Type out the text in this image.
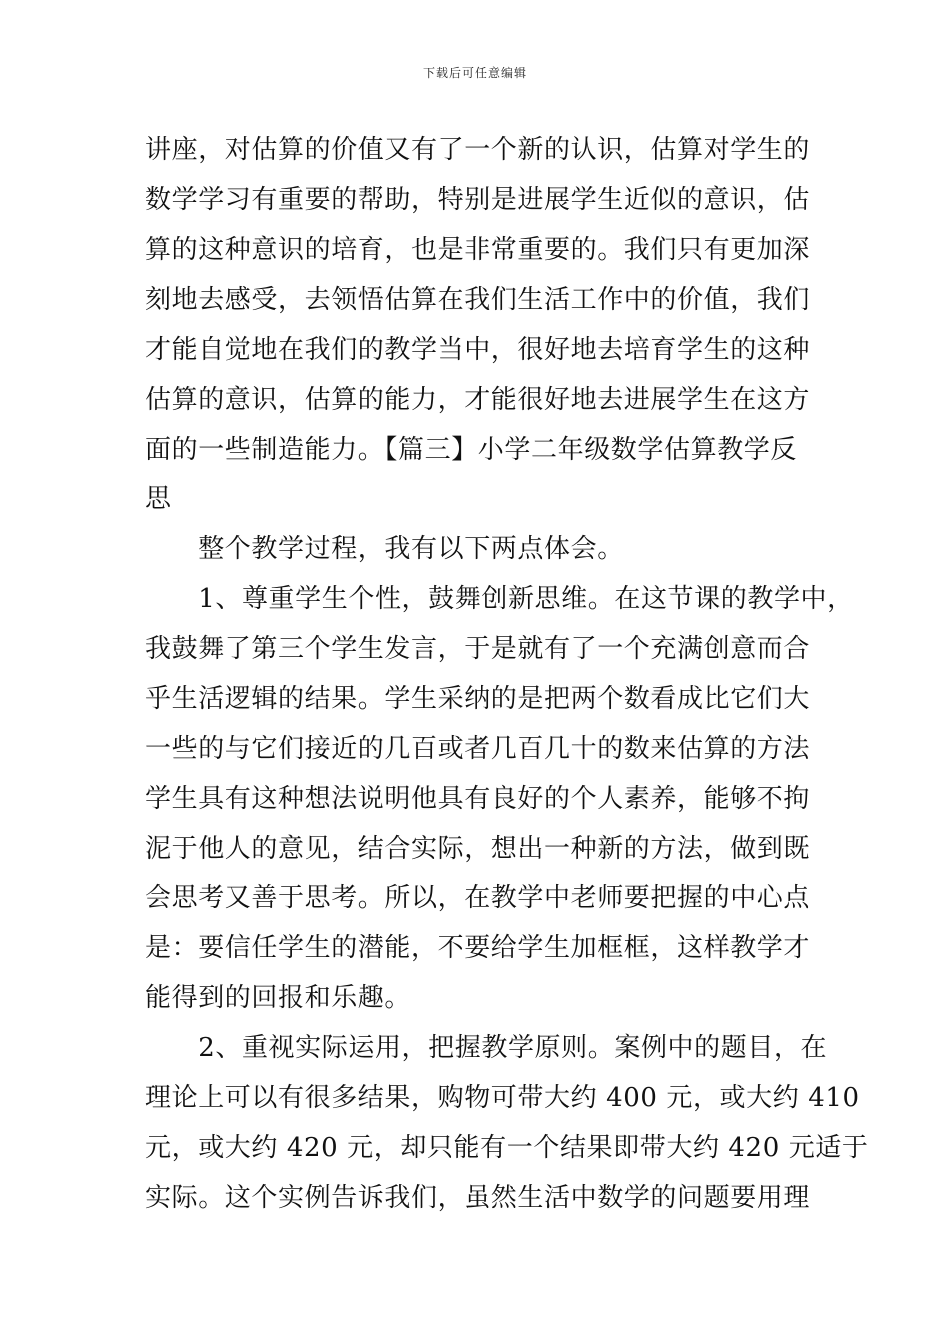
下载后可任意编辑
讲座，对估算的价值又有了一个新的认识，估算对学生的
数学学习有重要的帮助，特别是进展学生近似的意识，估
算的这种意识的培育，也是非常重要的。我们只有更加深
刻地去感受，去领悟估算在我们生活工作中的价值，我们
才能自觉地在我们的教学当中，很好地去培育学生的这种
估算的意识，估算的能力，才能很好地去进展学生在这方
面的一些制造能力。【篇三】小学二年级数学估算教学反
思
　　整个教学过程，我有以下两点体会。
　　1、尊重学生个性，鼓舞创新思维。在这节课的教学中，
我鼓舞了第三个学生发言，于是就有了一个充满创意而合
乎生活逻辑的结果。学生采纳的是把两个数看成比它们大
一些的与它们接近的几百或者几百几十的数来估算的方法
学生具有这种想法说明他具有良好的个人素养，能够不拘
泥于他人的意见，结合实际，想出一种新的方法，做到既
会思考又善于思考。所以，在教学中老师要把握的中心点
是：要信任学生的潜能，不要给学生加框框，这样教学才
能得到的回报和乐趣。
　　2、重视实际运用，把握教学原则。案例中的题目，在
理论上可以有很多结果，购物可带大约 400 元，或大约 410
元，或大约 420 元，却只能有一个结果即带大约 420 元适于
实际。这个实例告诉我们，虽然生活中数学的问题要用理
